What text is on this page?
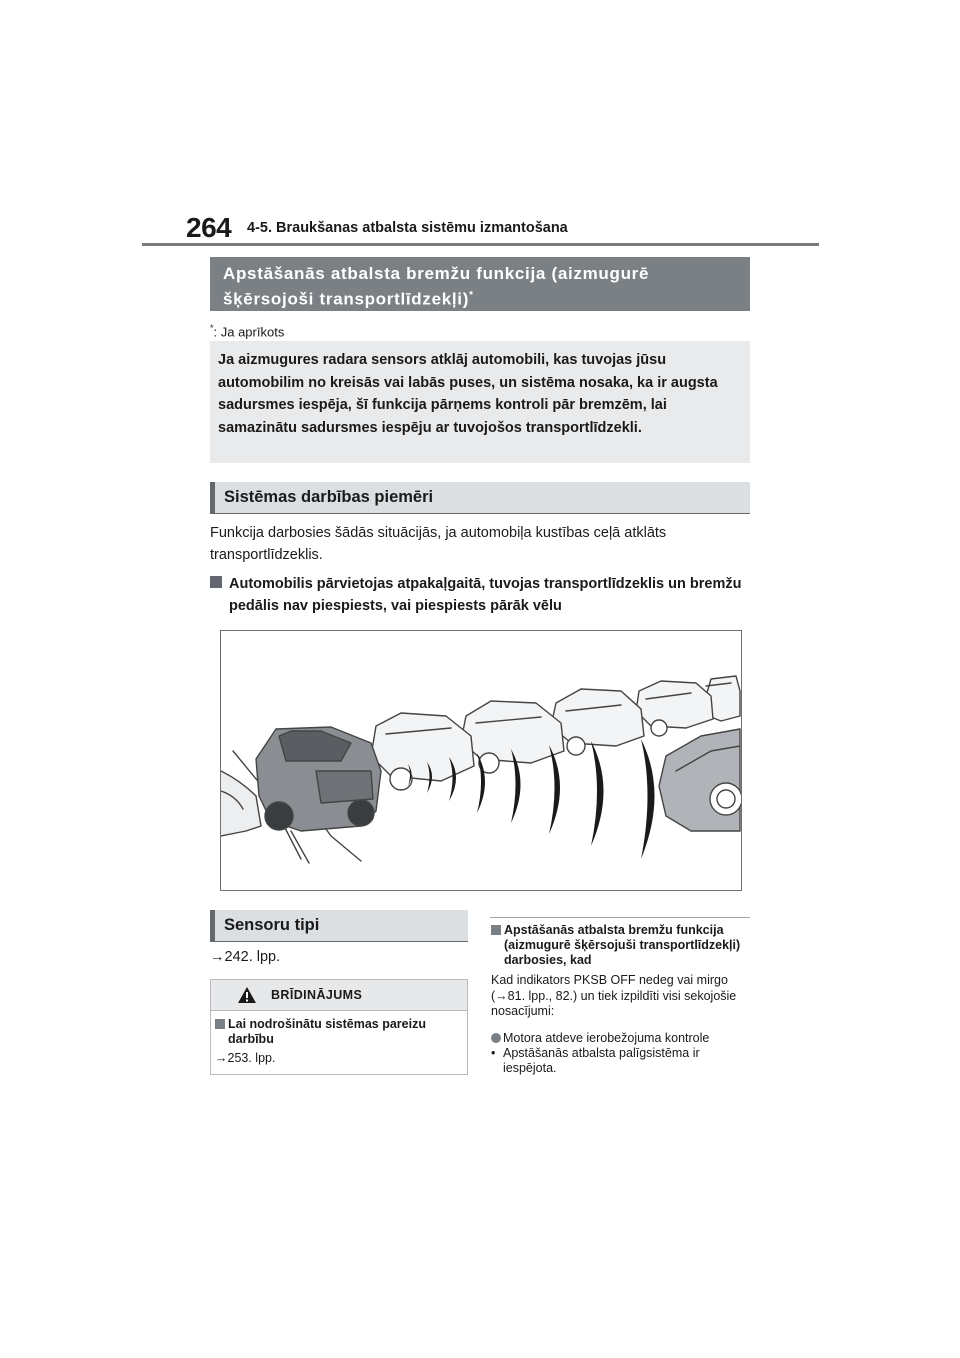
264 4-5. Braukšanas atbalsta sistēmu izmantošana
Apstāšanās atbalsta bremžu funkcija (aizmugurē
šķērsojoši transportlīdzekļi)*
*: Ja aprīkots
Ja aizmugures radara sensors atklāj automobili, kas tuvojas jūsu automobilim no kreisās vai labās puses, un sistēma nosaka, ka ir augsta sadursmes iespēja, šī funkcija pārņems kontroli pār bremzēm, lai samazinātu sadursmes iespēju ar tuvojošos transportlīdzekli.
Sistēmas darbības piemēri
Funkcija darbosies šādās situācijās, ja automobiļa kustības ceļā atklāts transportlīdzeklis.
Automobilis pārvietojas atpakaļgaitā, tuvojas transportlīdzeklis un bremžu pedālis nav piespiests, vai piespiests pārāk vēlu
Sensoru tipi
→242. lpp.
BRĪDINĀJUMS
Lai nodrošinātu sistēmas pareizu darbību
→253. lpp.
Apstāšanās atbalsta bremžu funkcija (aizmugurē šķērsojuši transportlīdzekļi) darbosies, kad
Kad indikators PKSB OFF nedeg vai mirgo (→81. lpp., 82.) un tiek izpildīti visi sekojošie nosacījumi:
Motora atdeve ierobežojuma kontrole
• Apstāšanās atbalsta palīgsistēma ir iespējota.
